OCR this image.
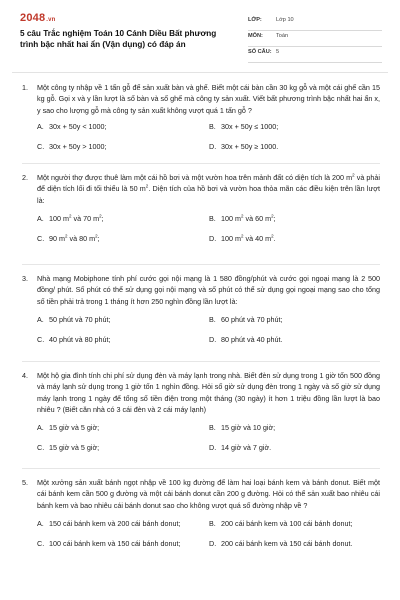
2048.vn
5 câu Trắc nghiệm Toán 10 Cánh Diều Bất phương trình bậc nhất hai ẩn (Vận dụng) có đáp án
LỚP:	Lớp 10
MÔN: Toán
SỐ CÂU: 5
1.	Một công ty nhập về 1 tấn gỗ để sản xuất bàn và ghế. Biết một cái bàn cần 30 kg gỗ và một cái ghế cần 15 kg gỗ. Gọi x và y lần lượt là số bàn và số ghế mà công ty sản xuất. Viết bất phương trình bậc nhất hai ẩn x, y sao cho lượng gỗ mà công ty sản xuất không vượt quá 1 tấn gỗ ?
A. 30x + 50y < 1000;	B. 30x + 50y ≤ 1000;
C. 30x + 50y > 1000;	D. 30x + 50y ≥ 1000.
2.	Một người thợ được thuê làm một cái hồ bơi và một vườn hoa trên mảnh đất có diện tích là 200 $m^2$ và phải để diện tích lối đi tối thiểu là 50 $m^2$. Diện tích của hồ bơi và vườn hoa thỏa mãn các điều kiện trên lần lượt là:
A. 100 $m^2$ và 70 $m^2$;	B. 100 $m^2$ và 60 $m^2$;
C. 90 $m^2$ và 80 $m^2$;	D. 100 $m^2$ và 40 $m^2$.
3.	Nhà mạng Mobiphone tính phí cước gọi nội mạng là 1 580 đồng/phút và cước gọi ngoại mạng là 2 500 đồng/ phút. Số phút có thể sử dụng gọi nội mạng và số phút có thể sử dụng gọi ngoại mạng sao cho tổng số tiền phải trả trong 1 tháng ít hơn 250 nghìn đồng lần lượt là:
A. 50 phút và 70 phút;	B. 60 phút và 70 phút;
C. 40 phút và 80 phút;	D. 80 phút và 40 phút.
4.	Một hộ gia đình tính chi phí sử dụng đèn và máy lạnh trong nhà. Biết đèn sử dụng trong 1 giờ tốn 500 đồng và máy lạnh sử dụng trong 1 giờ tốn 1 nghìn đồng. Hỏi số giờ sử dụng đèn trong 1 ngày và số giờ sử dụng máy lạnh trong 1 ngày để tổng số tiền điện trong một tháng (30 ngày) ít hơn 1 triệu đồng lần lượt là bao nhiêu ? (Biết căn nhà có 3 cái đèn và 2 cái máy lạnh)
A. 15 giờ và 5 giờ;	B. 15 giờ và 10 giờ;
C. 15 giờ và 5 giờ;	D. 14 giờ và 7 giờ.
5.	Một xưởng sản xuất bánh ngọt nhập về 100 kg đường để làm hai loại bánh kem và bánh donut. Biết một cái bánh kem cần 500 g đường và một cái bánh donut cần 200 g đường. Hỏi có thể sản xuất bao nhiêu cái bánh kem và bao nhiêu cái bánh donut sao cho không vượt quá số đường nhập về ?
A. 150 cái bánh kem và 200 cái bánh donut;	B. 200 cái bánh kem và 100 cái bánh donut;
C. 100 cái bánh kem và 150 cái bánh donut;	D. 200 cái bánh kem và 150 cái bánh donut.
